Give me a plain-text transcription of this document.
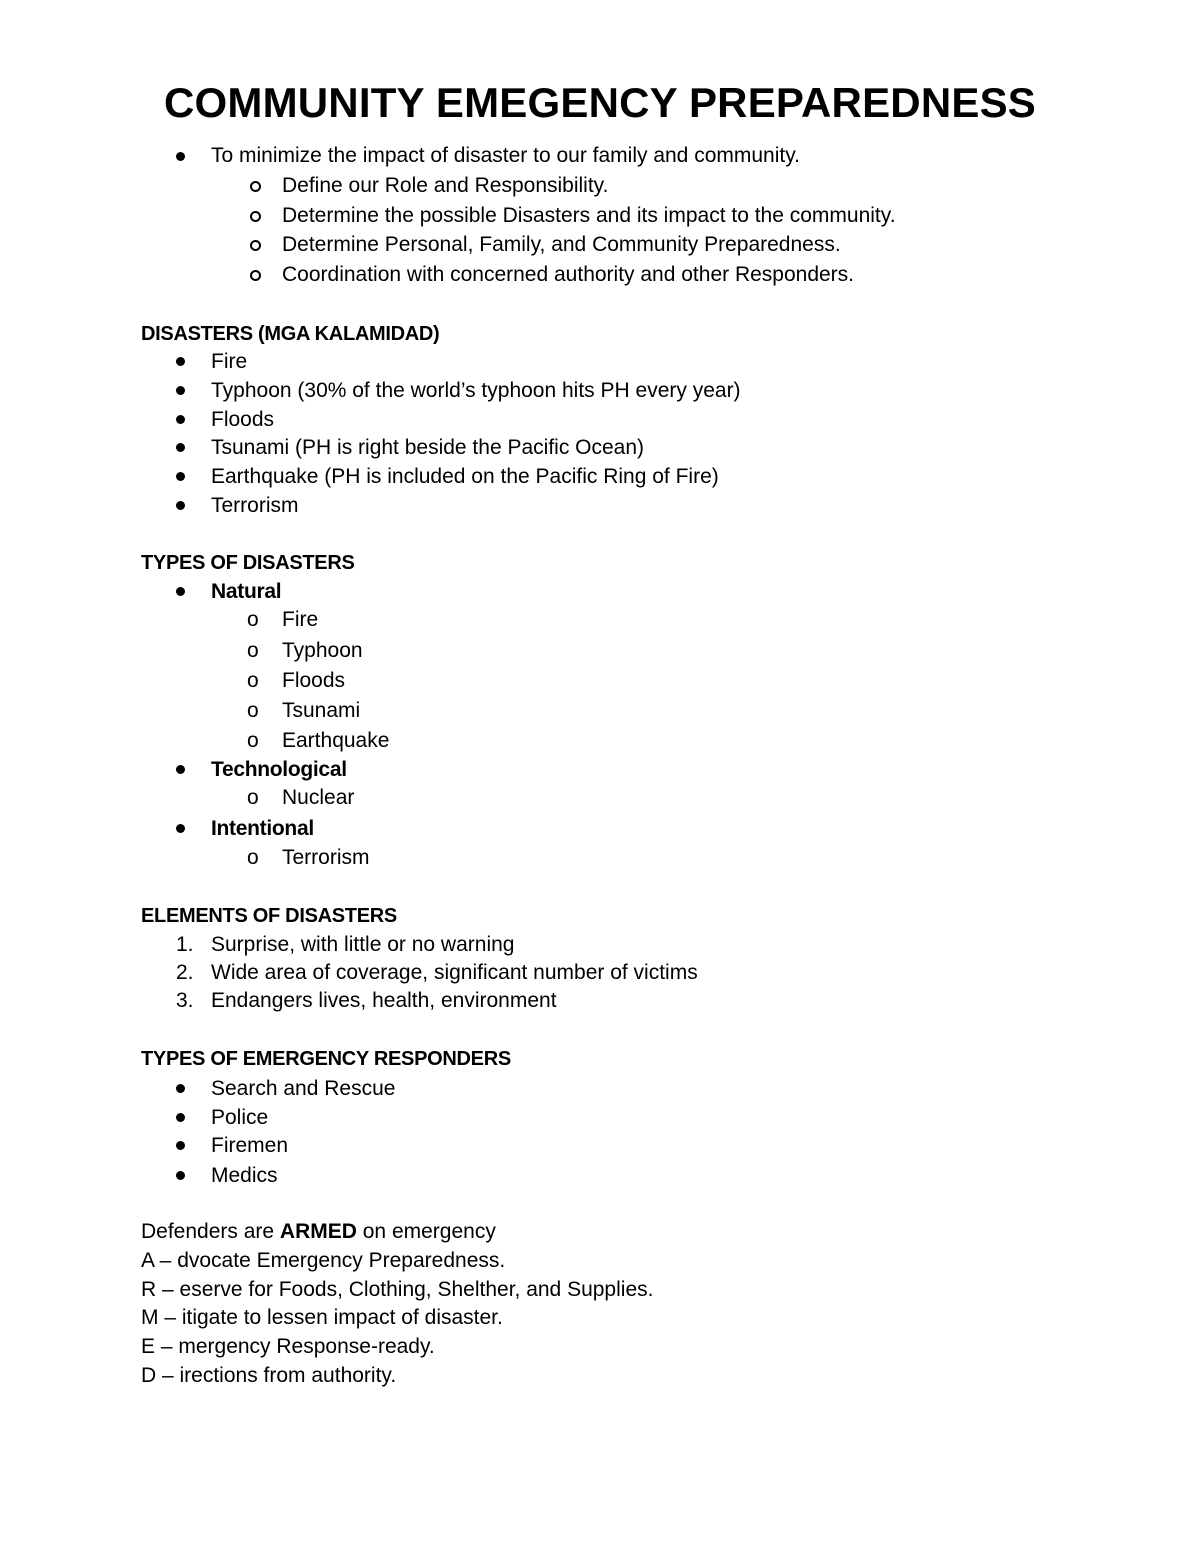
COMMUNITY EMEGENCY PREPAREDNESS
To minimize the impact of disaster to our family and community.
Define our Role and Responsibility.
Determine the possible Disasters and its impact to the community.
Determine Personal, Family, and Community Preparedness.
Coordination with concerned authority and other Responders.
DISASTERS (MGA KALAMIDAD)
Fire
Typhoon (30% of the world’s typhoon hits PH every year)
Floods
Tsunami (PH is right beside the Pacific Ocean)
Earthquake (PH is included on the Pacific Ring of Fire)
Terrorism
TYPES OF DISASTERS
Natural
o Fire
o Typhoon
o Floods
o Tsunami
o Earthquake
Technological
o Nuclear
Intentional
o Terrorism
ELEMENTS OF DISASTERS
1. Surprise, with little or no warning
2. Wide area of coverage, significant number of victims
3. Endangers lives, health, environment
TYPES OF EMERGENCY RESPONDERS
Search and Rescue
Police
Firemen
Medics
Defenders are ARMED on emergency
A – dvocate Emergency Preparedness.
R – eserve for Foods, Clothing, Shelther, and Supplies.
M – itigate to lessen impact of disaster.
E – mergency Response-ready.
D – irections from authority.
